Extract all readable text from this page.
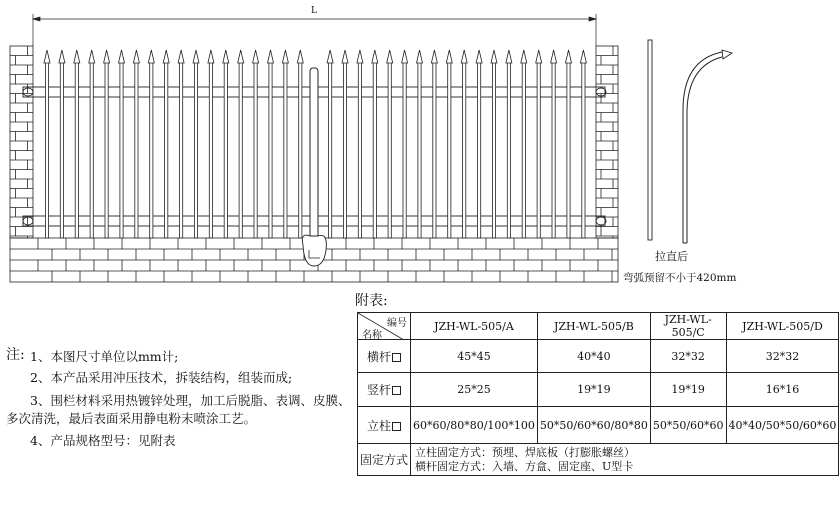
L
拉直后
弯弧预留不小于420mm
注: 1、本图尺寸单位以mm计;
2、本产品采用冲压技术，拆装结构，组装而成;
3、围栏材料采用热镀锌处理，加工后脱脂、表调、皮膜、
多次清洗，最后表面采用静电粉末喷涂工艺。
4、产品规格型号：见附表
附表:
编号
名称	JZH-WL-505/A	JZH-WL-505/B	JZH-WL-505/C	JZH-WL-505/D
横杆	45*45	40*40	32*32	32*32
竖杆	25*25	19*19	19*19	16*16
立柱	60*60/80*80/100*100	50*50/60*60/80*80	50*50/60*60	40*40/50*50/60*60
固定方式	立柱固定方式：预埋、焊底板（打膨胀螺丝）
横杆固定方式：入墙、方盒、固定座、U型卡			
